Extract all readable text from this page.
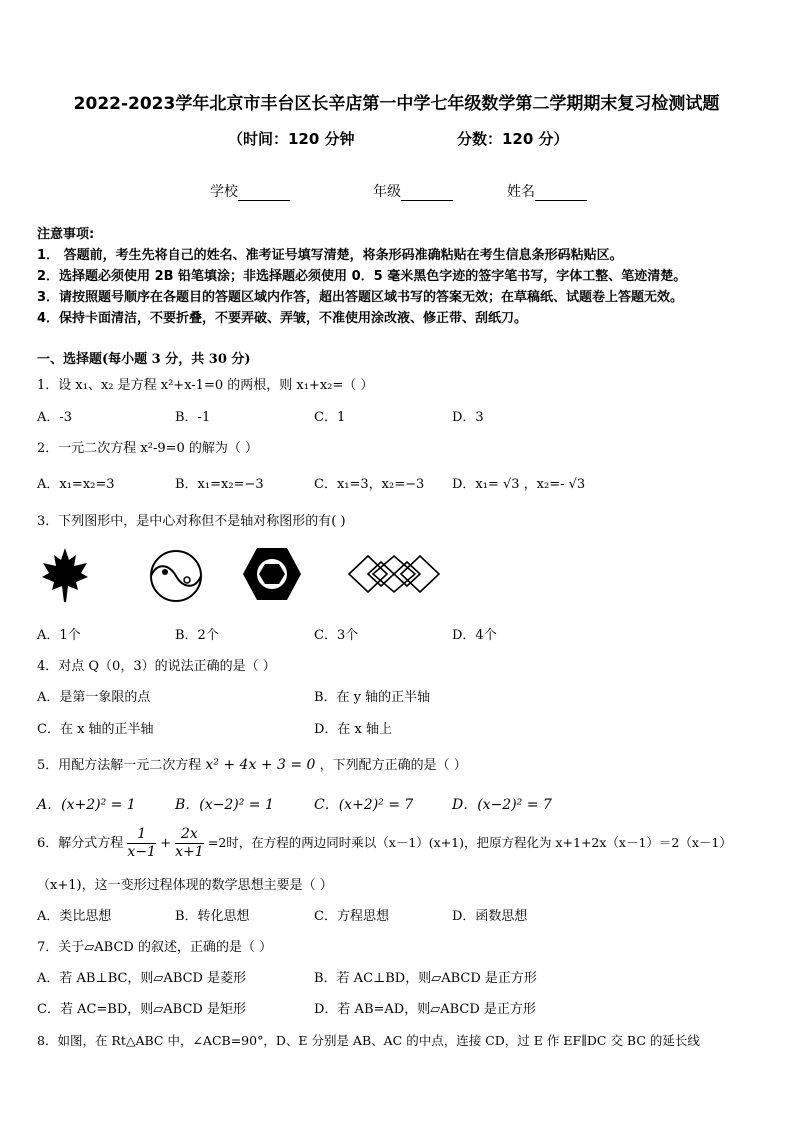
2022-2023学年北京市丰台区长辛店第一中学七年级数学第二学期期末复习检测试题
（时间：120 分钟	分数：120 分）
学校	年级	姓名
注意事项:
1． 答题前，考生先将自己的姓名、准考证号填写清楚，将条形码准确粘贴在考生信息条形码粘贴区。
2．选择题必须使用 2B 铅笔填涂；非选择题必须使用 0．5 毫米黑色字迹的签字笔书写，字体工整、笔迹清楚。
3．请按照题号顺序在各题目的答题区域内作答，超出答题区域书写的答案无效；在草稿纸、试题卷上答题无效。
4．保持卡面清洁，不要折叠，不要弄破、弄皱，不准使用涂改液、修正带、刮纸刀。
一、选择题(每小题 3 分，共 30 分)
1．设 x₁、x₂ 是方程 x²+x-1=0 的两根，则 x₁+x₂=（ ）
A．-3	B．-1	C．1	D．3
2．一元二次方程 x²-9=0 的解为（ ）
A．x₁=x₂=3	B．x₁=x₂=−3	C．x₁=3，x₂=−3 D．x₁= √3 ，x₂=- √3
3．下列图形中，是中心对称但不是轴对称图形的有( )
A．1个	B．2个	C．3个	D．4个
4．对点 Q（0，3）的说法正确的是（ ）
A．是第一象限的点	B．在 y 轴的正半轴
C．在 x 轴的正半轴	D．在 x 轴上
5．用配方法解一元二次方程 x² + 4x + 3 = 0 ，下列配方正确的是（ ）
A．(x+2)² = 1	B．(x−2)² = 1	C．(x+2)² = 7	D．(x−2)² = 7
6．解分式方程 $\frac{1}{x-1} + \frac{2x}{x+1} =2$时，在方程的两边同时乘以（x－1）(x+1)，把原方程化为 x+1+2x（x－1）＝2（x－1）
（x+1)，这一变形过程体现的数学思想主要是（ ）
A．类比思想	B．转化思想	C．方程思想	D．函数思想
7．关于▱ABCD 的叙述，正确的是（ ）
A．若 AB⊥BC，则▱ABCD 是菱形	B．若 AC⊥BD，则▱ABCD 是正方形
C．若 AC=BD，则▱ABCD 是矩形	D．若 AB=AD，则▱ABCD 是正方形
8．如图，在 Rt△ABC 中，∠ACB=90°，D、E 分别是 AB、AC 的中点，连接 CD，过 E 作 EF∥DC 交 BC 的延长线
